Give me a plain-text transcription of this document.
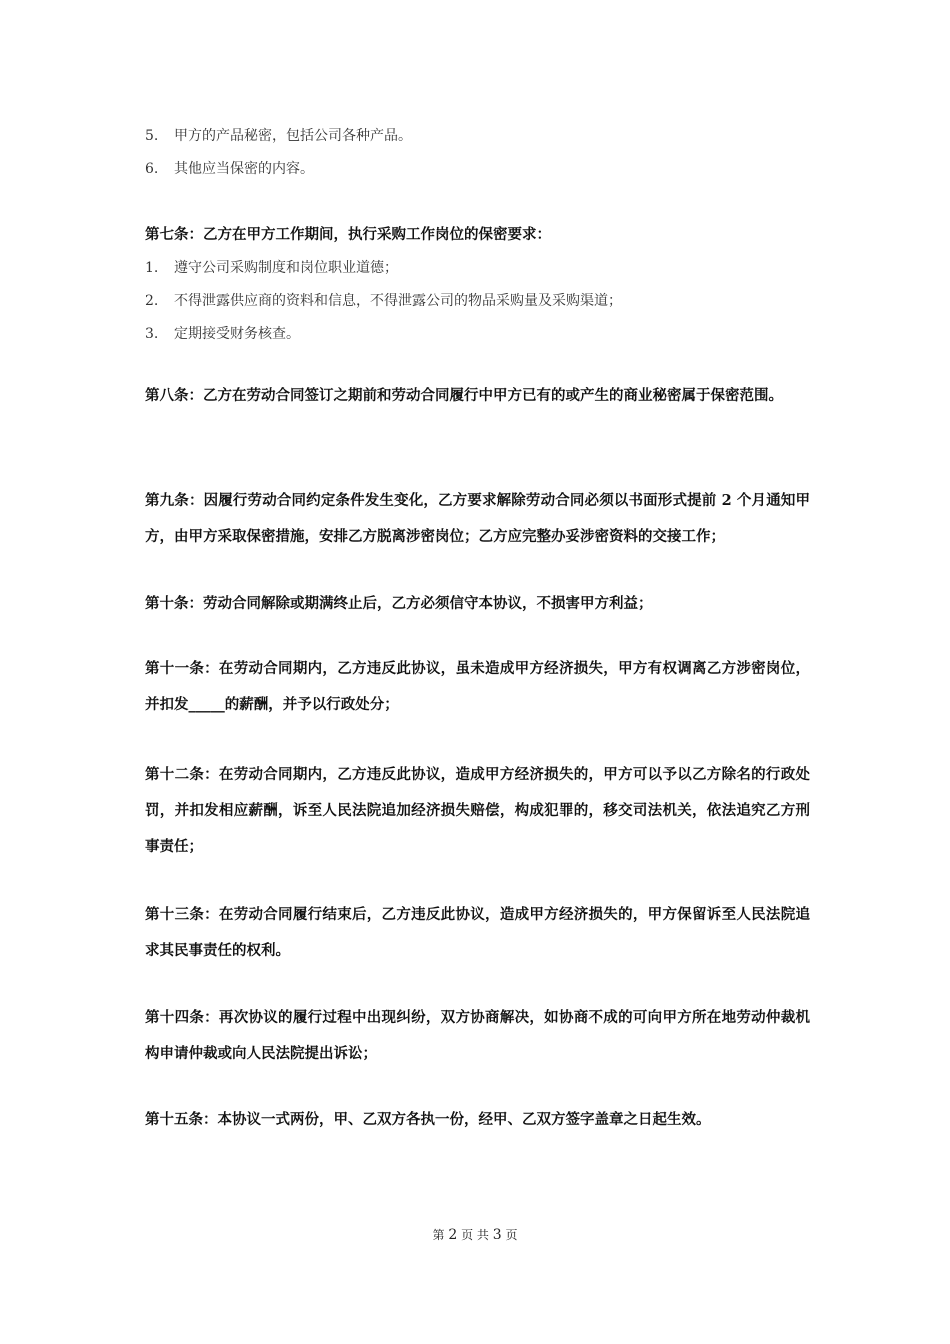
5. 甲方的产品秘密，包括公司各种产品。
6. 其他应当保密的内容。
第七条：乙方在甲方工作期间，执行采购工作岗位的保密要求：
1. 遵守公司采购制度和岗位职业道德；
2. 不得泄露供应商的资料和信息，不得泄露公司的物品采购量及采购渠道；
3. 定期接受财务核查。
第八条：乙方在劳动合同签订之期前和劳动合同履行中甲方已有的或产生的商业秘密属于保密范围。
第九条：因履行劳动合同约定条件发生变化，乙方要求解除劳动合同必须以书面形式提前 2 个月通知甲方，由甲方采取保密措施，安排乙方脱离涉密岗位；乙方应完整办妥涉密资料的交接工作；
第十条：劳动合同解除或期满终止后，乙方必须信守本协议，不损害甲方利益；
第十一条：在劳动合同期内，乙方违反此协议，虽未造成甲方经济损失，甲方有权调离乙方涉密岗位，并扣发_____的薪酬，并予以行政处分；
第十二条：在劳动合同期内，乙方违反此协议，造成甲方经济损失的，甲方可以予以乙方除名的行政处罚，并扣发相应薪酬，诉至人民法院追加经济损失赔偿，构成犯罪的，移交司法机关，依法追究乙方刑事责任；
第十三条：在劳动合同履行结束后，乙方违反此协议，造成甲方经济损失的，甲方保留诉至人民法院追求其民事责任的权利。
第十四条：再次协议的履行过程中出现纠纷，双方协商解决，如协商不成的可向甲方所在地劳动仲裁机构申请仲裁或向人民法院提出诉讼；
第十五条：本协议一式两份，甲、乙双方各执一份，经甲、乙双方签字盖章之日起生效。
第 2 页 共 3 页
